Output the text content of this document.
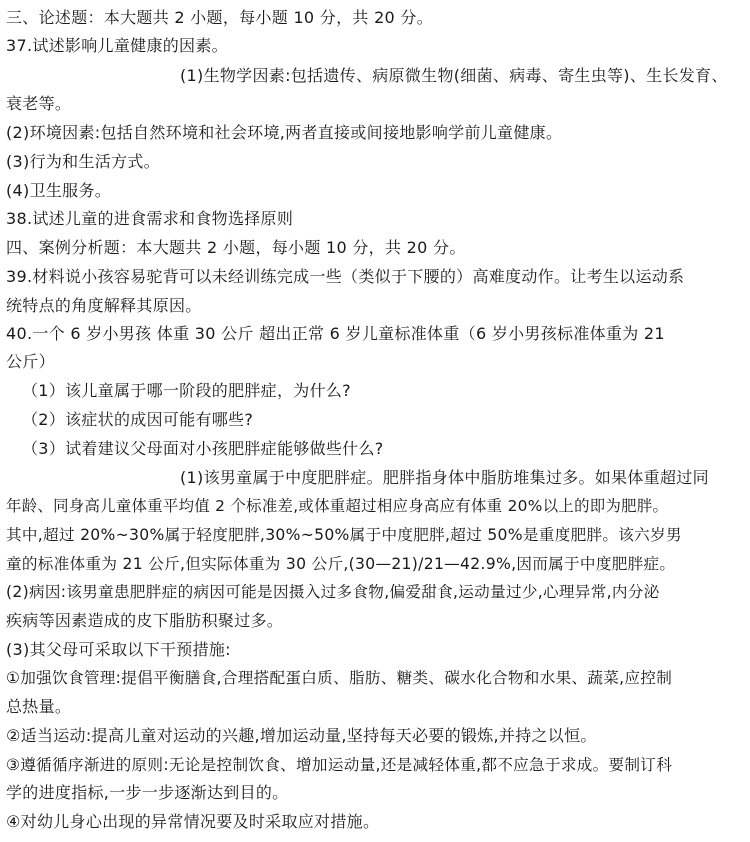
三、论述题：本大题共 2 小题，每小题 10 分，共 20 分。
37.试述影响儿童健康的因素。
(1)生物学因素:包括遗传、病原微生物(细菌、病毒、寄生虫等)、生长发育、
衰老等。
(2)环境因素:包括自然环境和社会环境,两者直接或间接地影响学前儿童健康。
(3)行为和生活方式。
(4)卫生服务。
38.试述儿童的进食需求和食物选择原则
四、案例分析题：本大题共 2 小题，每小题 10 分，共 20 分。
39.材料说小孩容易驼背可以未经训练完成一些（类似于下腰的）高难度动作。让考生以运动系
统特点的角度解释其原因。
40.一个 6 岁小男孩 体重 30 公斤 超出正常 6 岁儿童标准体重（6 岁小男孩标准体重为 21
公斤）
（1）该儿童属于哪一阶段的肥胖症，为什么?
（2）该症状的成因可能有哪些?
（3）试着建议父母面对小孩肥胖症能够做些什么?
(1)该男童属于中度肥胖症。肥胖指身体中脂肪堆集过多。如果体重超过同
年龄、同身高儿童体重平均值 2 个标准差,或体重超过相应身高应有体重 20%以上的即为肥胖。
其中,超过 20%~30%属于轻度肥胖,30%~50%属于中度肥胖,超过 50%是重度肥胖。该六岁男
童的标准体重为 21 公斤,但实际体重为 30 公斤,(30—21)/21—42.9%,因而属于中度肥胖症。
(2)病因:该男童患肥胖症的病因可能是因摄入过多食物,偏爱甜食,运动量过少,心理异常,内分泌
疾病等因素造成的皮下脂肪积聚过多。
(3)其父母可采取以下干预措施:
①加强饮食管理:提倡平衡膳食,合理搭配蛋白质、脂肪、糖类、碳水化合物和水果、蔬菜,应控制
总热量。
②适当运动:提高儿童对运动的兴趣,增加运动量,坚持每天必要的锻炼,并持之以恒。
③遵循循序渐进的原则:无论是控制饮食、增加运动量,还是减轻体重,都不应急于求成。要制订科
学的进度指标,一步一步逐渐达到目的。
④对幼儿身心出现的异常情况要及时采取应对措施。
